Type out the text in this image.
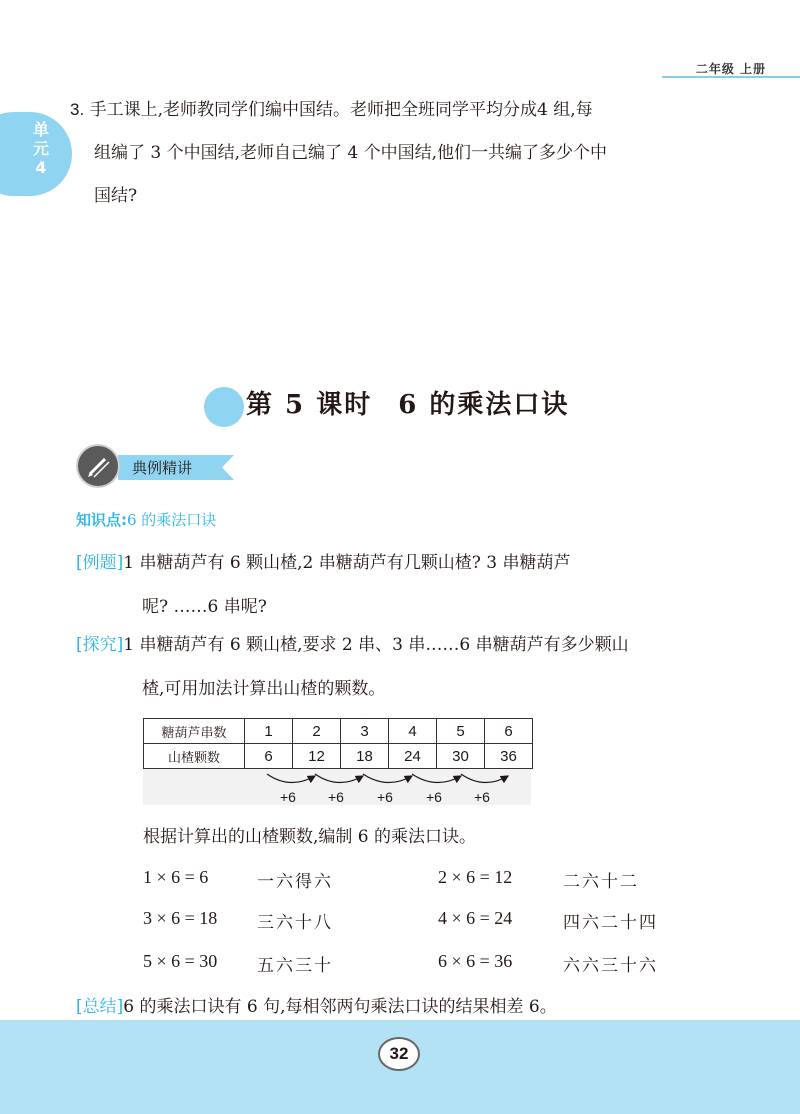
二年级 上册
单
元
4
3. 手工课上,老师教同学们编中国结。老师把全班同学平均分成4 组,每
组编了 3 个中国结,老师自己编了 4 个中国结,他们一共编了多少个中
国结?
第 5 课时 6 的乘法口诀
典例精讲
知识点:6 的乘法口诀
[例题]1 串糖葫芦有 6 颗山楂,2 串糖葫芦有几颗山楂? 3 串糖葫芦
呢? ……6 串呢?
[探究]1 串糖葫芦有 6 颗山楂,要求 2 串、3 串……6 串糖葫芦有多少颗山
楂,可用加法计算出山楂的颗数。
糖葫芦串数	1	2	3	4	5	6
山楂颗数	6	12	18	24	30	36
+6 +6 +6 +6 +6
根据计算出的山楂颗数,编制 6 的乘法口诀。
1 × 6 = 6	一六得六	2 × 6 = 12	二六十二
3 × 6 = 18 三六十八	4 × 6 = 24	四六二十四
5 × 6 = 30 五六三十	6 × 6 = 36	六六三十六
[总结]6 的乘法口诀有 6 句,每相邻两句乘法口诀的结果相差 6。
32
